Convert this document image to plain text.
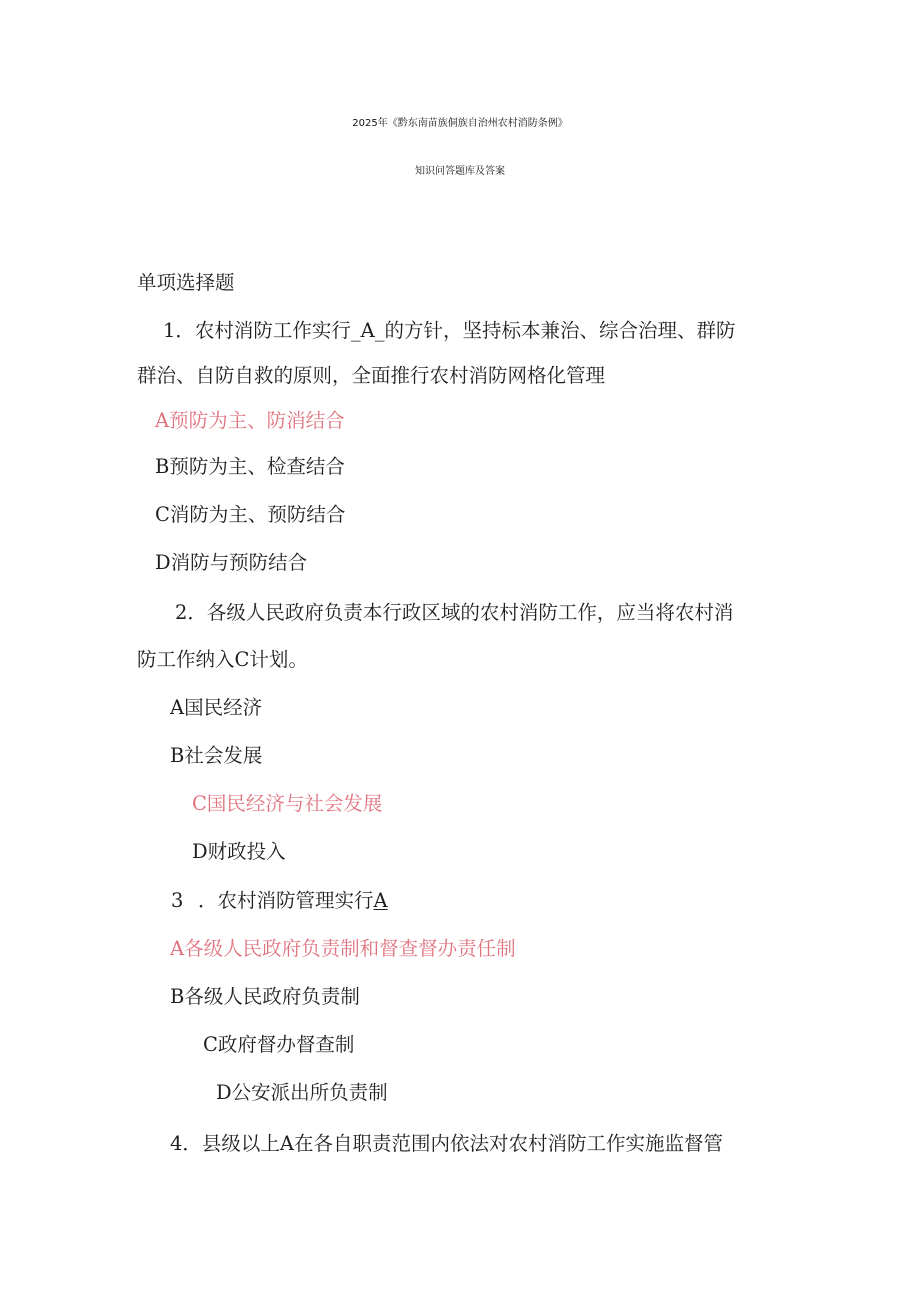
2025年《黔东南苗族侗族自治州农村消防条例》
知识问答题库及答案
单项选择题
1．农村消防工作实行_A_的方针，坚持标本兼治、综合治理、群防
群治、自防自救的原则，全面推行农村消防网格化管理
A预防为主、防消结合
B预防为主、检查结合
C消防为主、预防结合
D消防与预防结合
2．各级人民政府负责本行政区域的农村消防工作，应当将农村消
防工作纳入C计划。
A国民经济
B社会发展
C国民经济与社会发展
D财政投入
3 ．农村消防管理实行A
A各级人民政府负责制和督查督办责任制
B各级人民政府负责制
C政府督办督查制
D公安派出所负责制
4．县级以上A在各自职责范围内依法对农村消防工作实施监督管
